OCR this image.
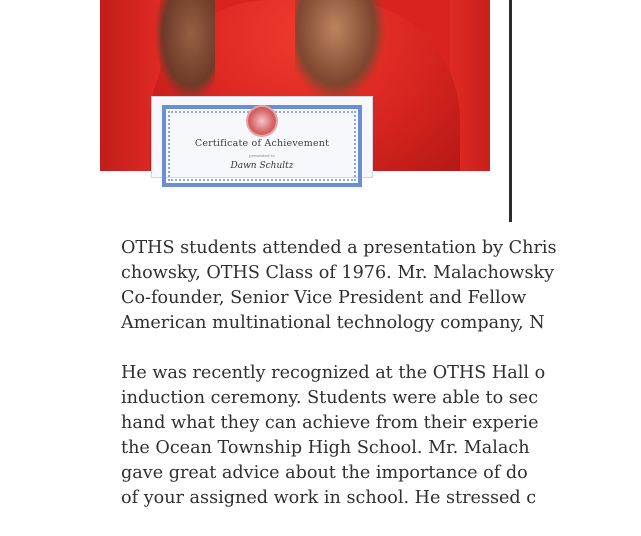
Certificate of Achievement
presented to
Dawn Schultz

OTHS students attended a presentation by Chris
chowsky, OTHS Class of 1976. Mr. Malachowsky
Co-founder, Senior Vice President and Fellow
American multinational technology company, N

He was recently recognized at the OTHS Hall o
induction ceremony. Students were able to sec
hand what they can achieve from their experie
the Ocean Township High School. Mr. Malach
gave great advice about the importance of do
of your assigned work in school. He stressed c
